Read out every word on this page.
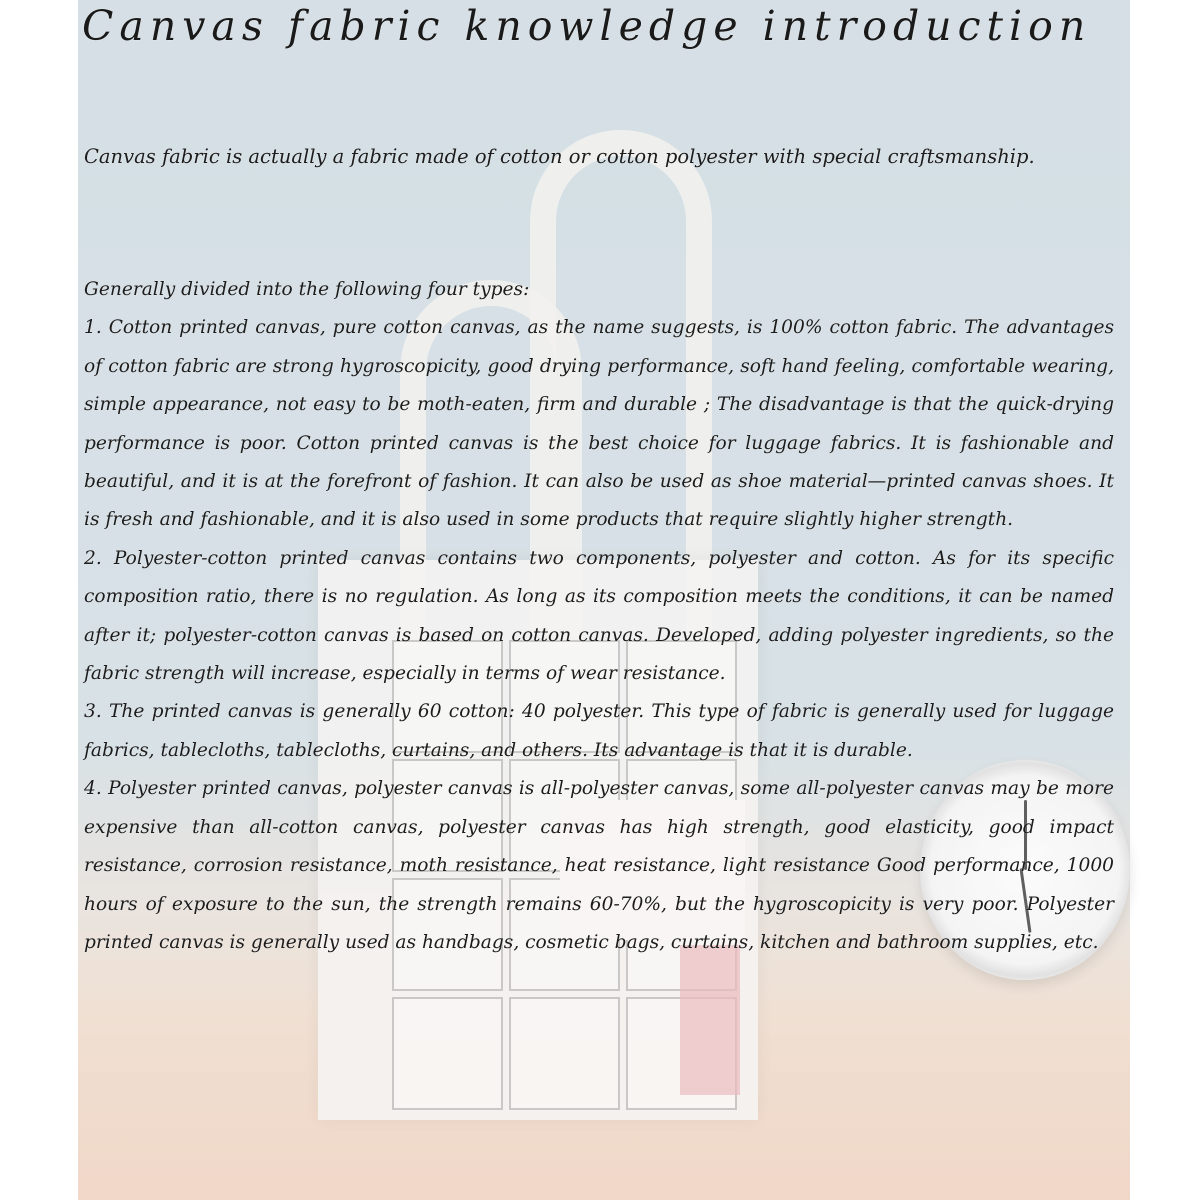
Canvas fabric knowledge introduction

Canvas fabric is actually a fabric made of cotton or cotton polyester with special craftsmanship.

Generally divided into the following four types:

1. Cotton printed canvas, pure cotton canvas, as the name suggests, is 100% cotton fabric. The advantages of cotton fabric are strong hygroscopicity, good drying performance, soft hand feeling, comfortable wearing, simple appearance, not easy to be moth-eaten, firm and durable ; The disadvantage is that the quick-drying performance is poor. Cotton printed canvas is the best choice for luggage fabrics. It is fashionable and beautiful, and it is at the forefront of fashion. It can also be used as shoe material—printed canvas shoes. It is fresh and fashionable, and it is also used in some products that require slightly higher strength.

2. Polyester-cotton printed canvas contains two components, polyester and cotton. As for its specific composition ratio, there is no regulation. As long as its composition meets the conditions, it can be named after it; polyester-cotton canvas is based on cotton canvas. Developed, adding polyester ingredients, so the fabric strength will increase, especially in terms of wear resistance.

3. The printed canvas is generally 60 cotton: 40 polyester. This type of fabric is generally used for luggage fabrics, tablecloths, tablecloths, curtains, and others. Its advantage is that it is durable.

4. Polyester printed canvas, polyester canvas is all-polyester canvas, some all-polyester canvas may be more expensive than all-cotton canvas, polyester canvas has high strength, good elasticity, good impact resistance, corrosion resistance, moth resistance, heat resistance, light resistance Good performance, 1000 hours of exposure to the sun, the strength remains 60-70%, but the hygroscopicity is very poor. Polyester printed canvas is generally used as handbags, cosmetic bags, curtains, kitchen and bathroom supplies, etc.
